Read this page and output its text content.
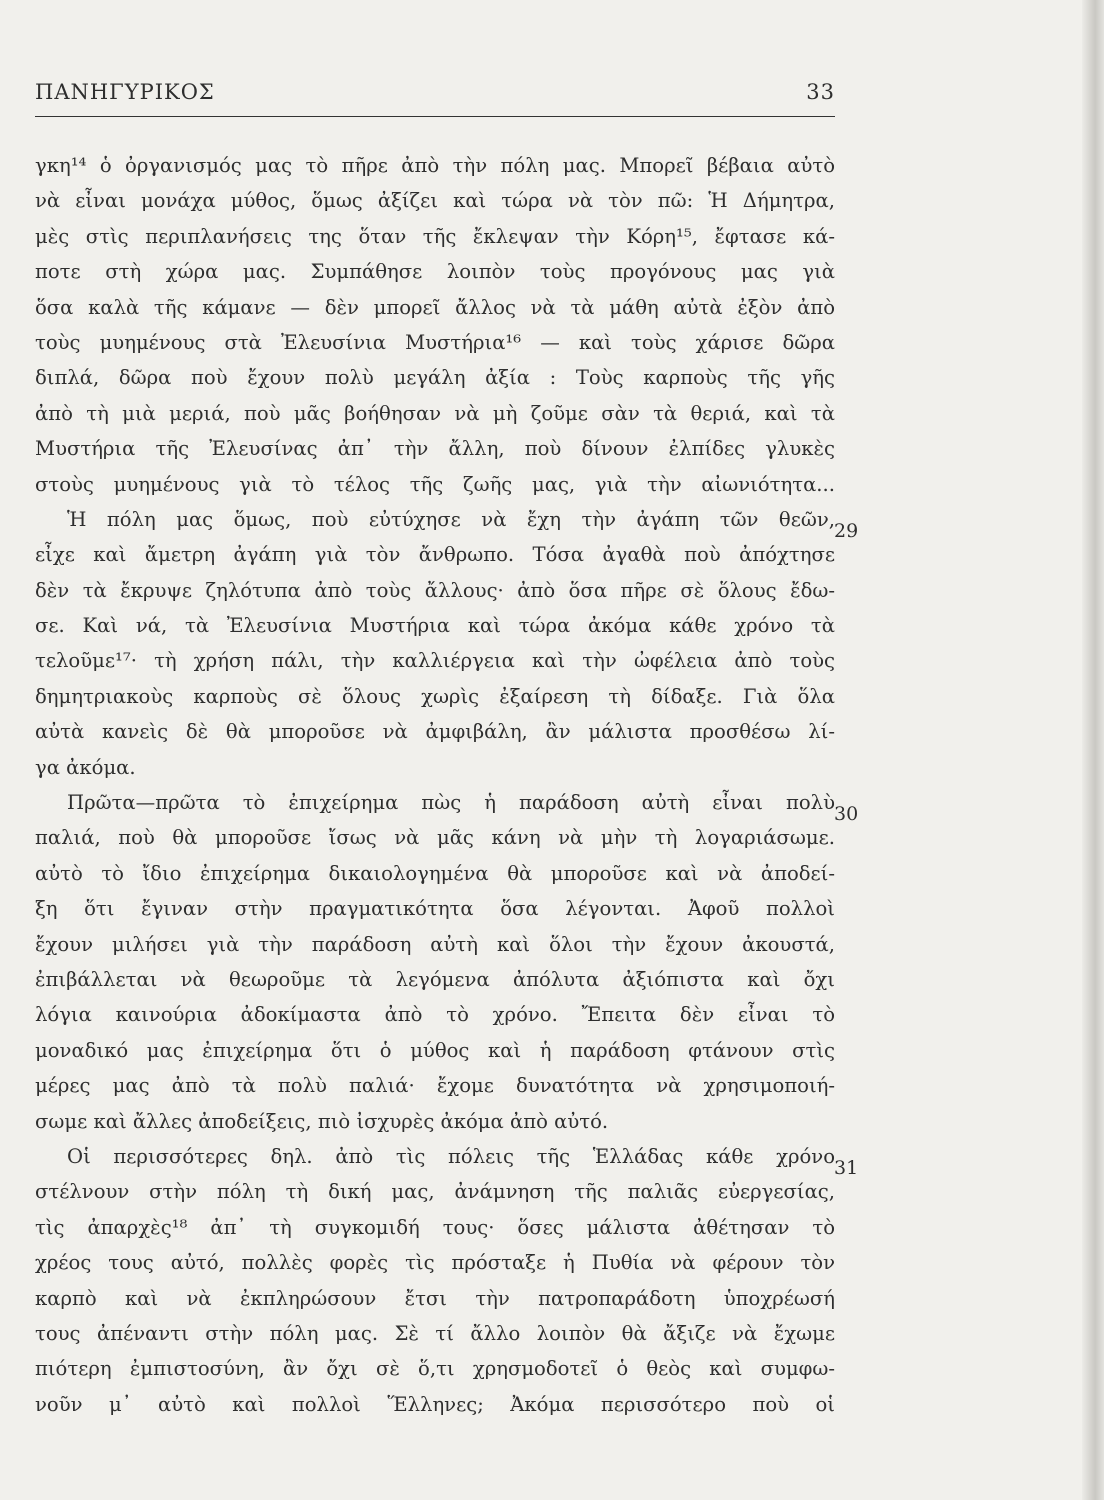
ΠΑΝΗΓΥΡΙΚΟΣ	33
γκη¹⁴ ὁ ὀργανισμός μας τὸ πῆρε ἀπὸ τὴν πόλη μας. Μπορεῖ βέβαια αὐτὸ
νὰ εἶναι μονάχα μύθος, ὅμως ἀξίζει καὶ τώρα νὰ τὸν πῶ: Ἡ Δήμητρα,
μὲς στὶς περιπλανήσεις της ὅταν τῆς ἔκλεψαν τὴν Κόρη¹⁵, ἔφτασε κά-
ποτε στὴ χώρα μας. Συμπάθησε λοιπὸν τοὺς προγόνους μας γιὰ
ὅσα καλὰ τῆς κάμανε — δὲν μπορεῖ ἄλλος νὰ τὰ μάθη αὐτὰ ἐξὸν ἀπὸ
τοὺς μυημένους στὰ Ἐλευσίνια Μυστήρια¹⁶ — καὶ τοὺς χάρισε δῶρα
διπλά, δῶρα ποὺ ἔχουν πολὺ μεγάλη ἀξία : Τοὺς καρποὺς τῆς γῆς
ἀπὸ τὴ μιὰ μεριά, ποὺ μᾶς βοήθησαν νὰ μὴ ζοῦμε σὰν τὰ θεριά, καὶ τὰ
Μυστήρια τῆς Ἐλευσίνας ἀπ᾽ τὴν ἄλλη, ποὺ δίνουν ἐλπίδες γλυκὲς
στοὺς μυημένους γιὰ τὸ τέλος τῆς ζωῆς μας, γιὰ τὴν αἰωνιότητα...
Ἡ πόλη μας ὅμως, ποὺ εὐτύχησε νὰ ἔχη τὴν ἀγάπη τῶν θεῶν,
εἶχε καὶ ἄμετρη ἀγάπη γιὰ τὸν ἄνθρωπο. Τόσα ἀγαθὰ ποὺ ἀπόχτησε
δὲν τὰ ἔκρυψε ζηλότυπα ἀπὸ τοὺς ἄλλους· ἀπὸ ὅσα πῆρε σὲ ὅλους ἔδω-
σε. Καὶ νά, τὰ Ἐλευσίνια Μυστήρια καὶ τώρα ἀκόμα κάθε χρόνο τὰ
τελοῦμε¹⁷· τὴ χρήση πάλι, τὴν καλλιέργεια καὶ τὴν ὠφέλεια ἀπὸ τοὺς
δημητριακοὺς καρποὺς σὲ ὅλους χωρὶς ἐξαίρεση τὴ δίδαξε. Γιὰ ὅλα
αὐτὰ κανεὶς δὲ θὰ μποροῦσε νὰ ἀμφιβάλη, ἂν μάλιστα προσθέσω λί-
γα ἀκόμα.
Πρῶτα—πρῶτα τὸ ἐπιχείρημα πὼς ἡ παράδοση αὐτὴ εἶναι πολὺ
παλιά, ποὺ θὰ μποροῦσε ἴσως νὰ μᾶς κάνη νὰ μὴν τὴ λογαριάσωμε.
αὐτὸ τὸ ἴδιο ἐπιχείρημα δικαιολογημένα θὰ μποροῦσε καὶ νὰ ἀποδεί-
ξη ὅτι ἔγιναν στὴν πραγματικότητα ὅσα λέγονται. Ἀφοῦ πολλοὶ
ἔχουν μιλήσει γιὰ τὴν παράδοση αὐτὴ καὶ ὅλοι τὴν ἔχουν ἀκουστά,
ἐπιβάλλεται νὰ θεωροῦμε τὰ λεγόμενα ἀπόλυτα ἀξιόπιστα καὶ ὄχι
λόγια καινούρια ἀδοκίμαστα ἀπὸ τὸ χρόνο. Ἔπειτα δὲν εἶναι τὸ
μοναδικό μας ἐπιχείρημα ὅτι ὁ μύθος καὶ ἡ παράδοση φτάνουν στὶς
μέρες μας ἀπὸ τὰ πολὺ παλιά· ἔχομε δυνατότητα νὰ χρησιμοποιή-
σωμε καὶ ἄλλες ἀποδείξεις, πιὸ ἰσχυρὲς ἀκόμα ἀπὸ αὐτό.
Οἱ περισσότερες δηλ. ἀπὸ τὶς πόλεις τῆς Ἑλλάδας κάθε χρόνο
στέλνουν στὴν πόλη τὴ δική μας, ἀνάμνηση τῆς παλιᾶς εὐεργεσίας,
τὶς ἀπαρχὲς¹⁸ ἀπ᾽ τὴ συγκομιδή τους· ὅσες μάλιστα ἀθέτησαν τὸ
χρέος τους αὐτό, πολλὲς φορὲς τὶς πρόσταξε ἡ Πυθία νὰ φέρουν τὸν
καρπὸ καὶ νὰ ἐκπληρώσουν ἔτσι τὴν πατροπαράδοτη ὑποχρέωσή
τους ἀπέναντι στὴν πόλη μας. Σὲ τί ἄλλο λοιπὸν θὰ ἄξιζε νὰ ἔχωμε
πιότερη ἐμπιστοσύνη, ἂν ὄχι σὲ ὅ,τι χρησμοδοτεῖ ὁ θεὸς καὶ συμφω-
νοῦν μ᾽ αὐτὸ καὶ πολλοὶ Ἕλληνες; Ἀκόμα περισσότερο ποὺ οἱ
29
30
31
